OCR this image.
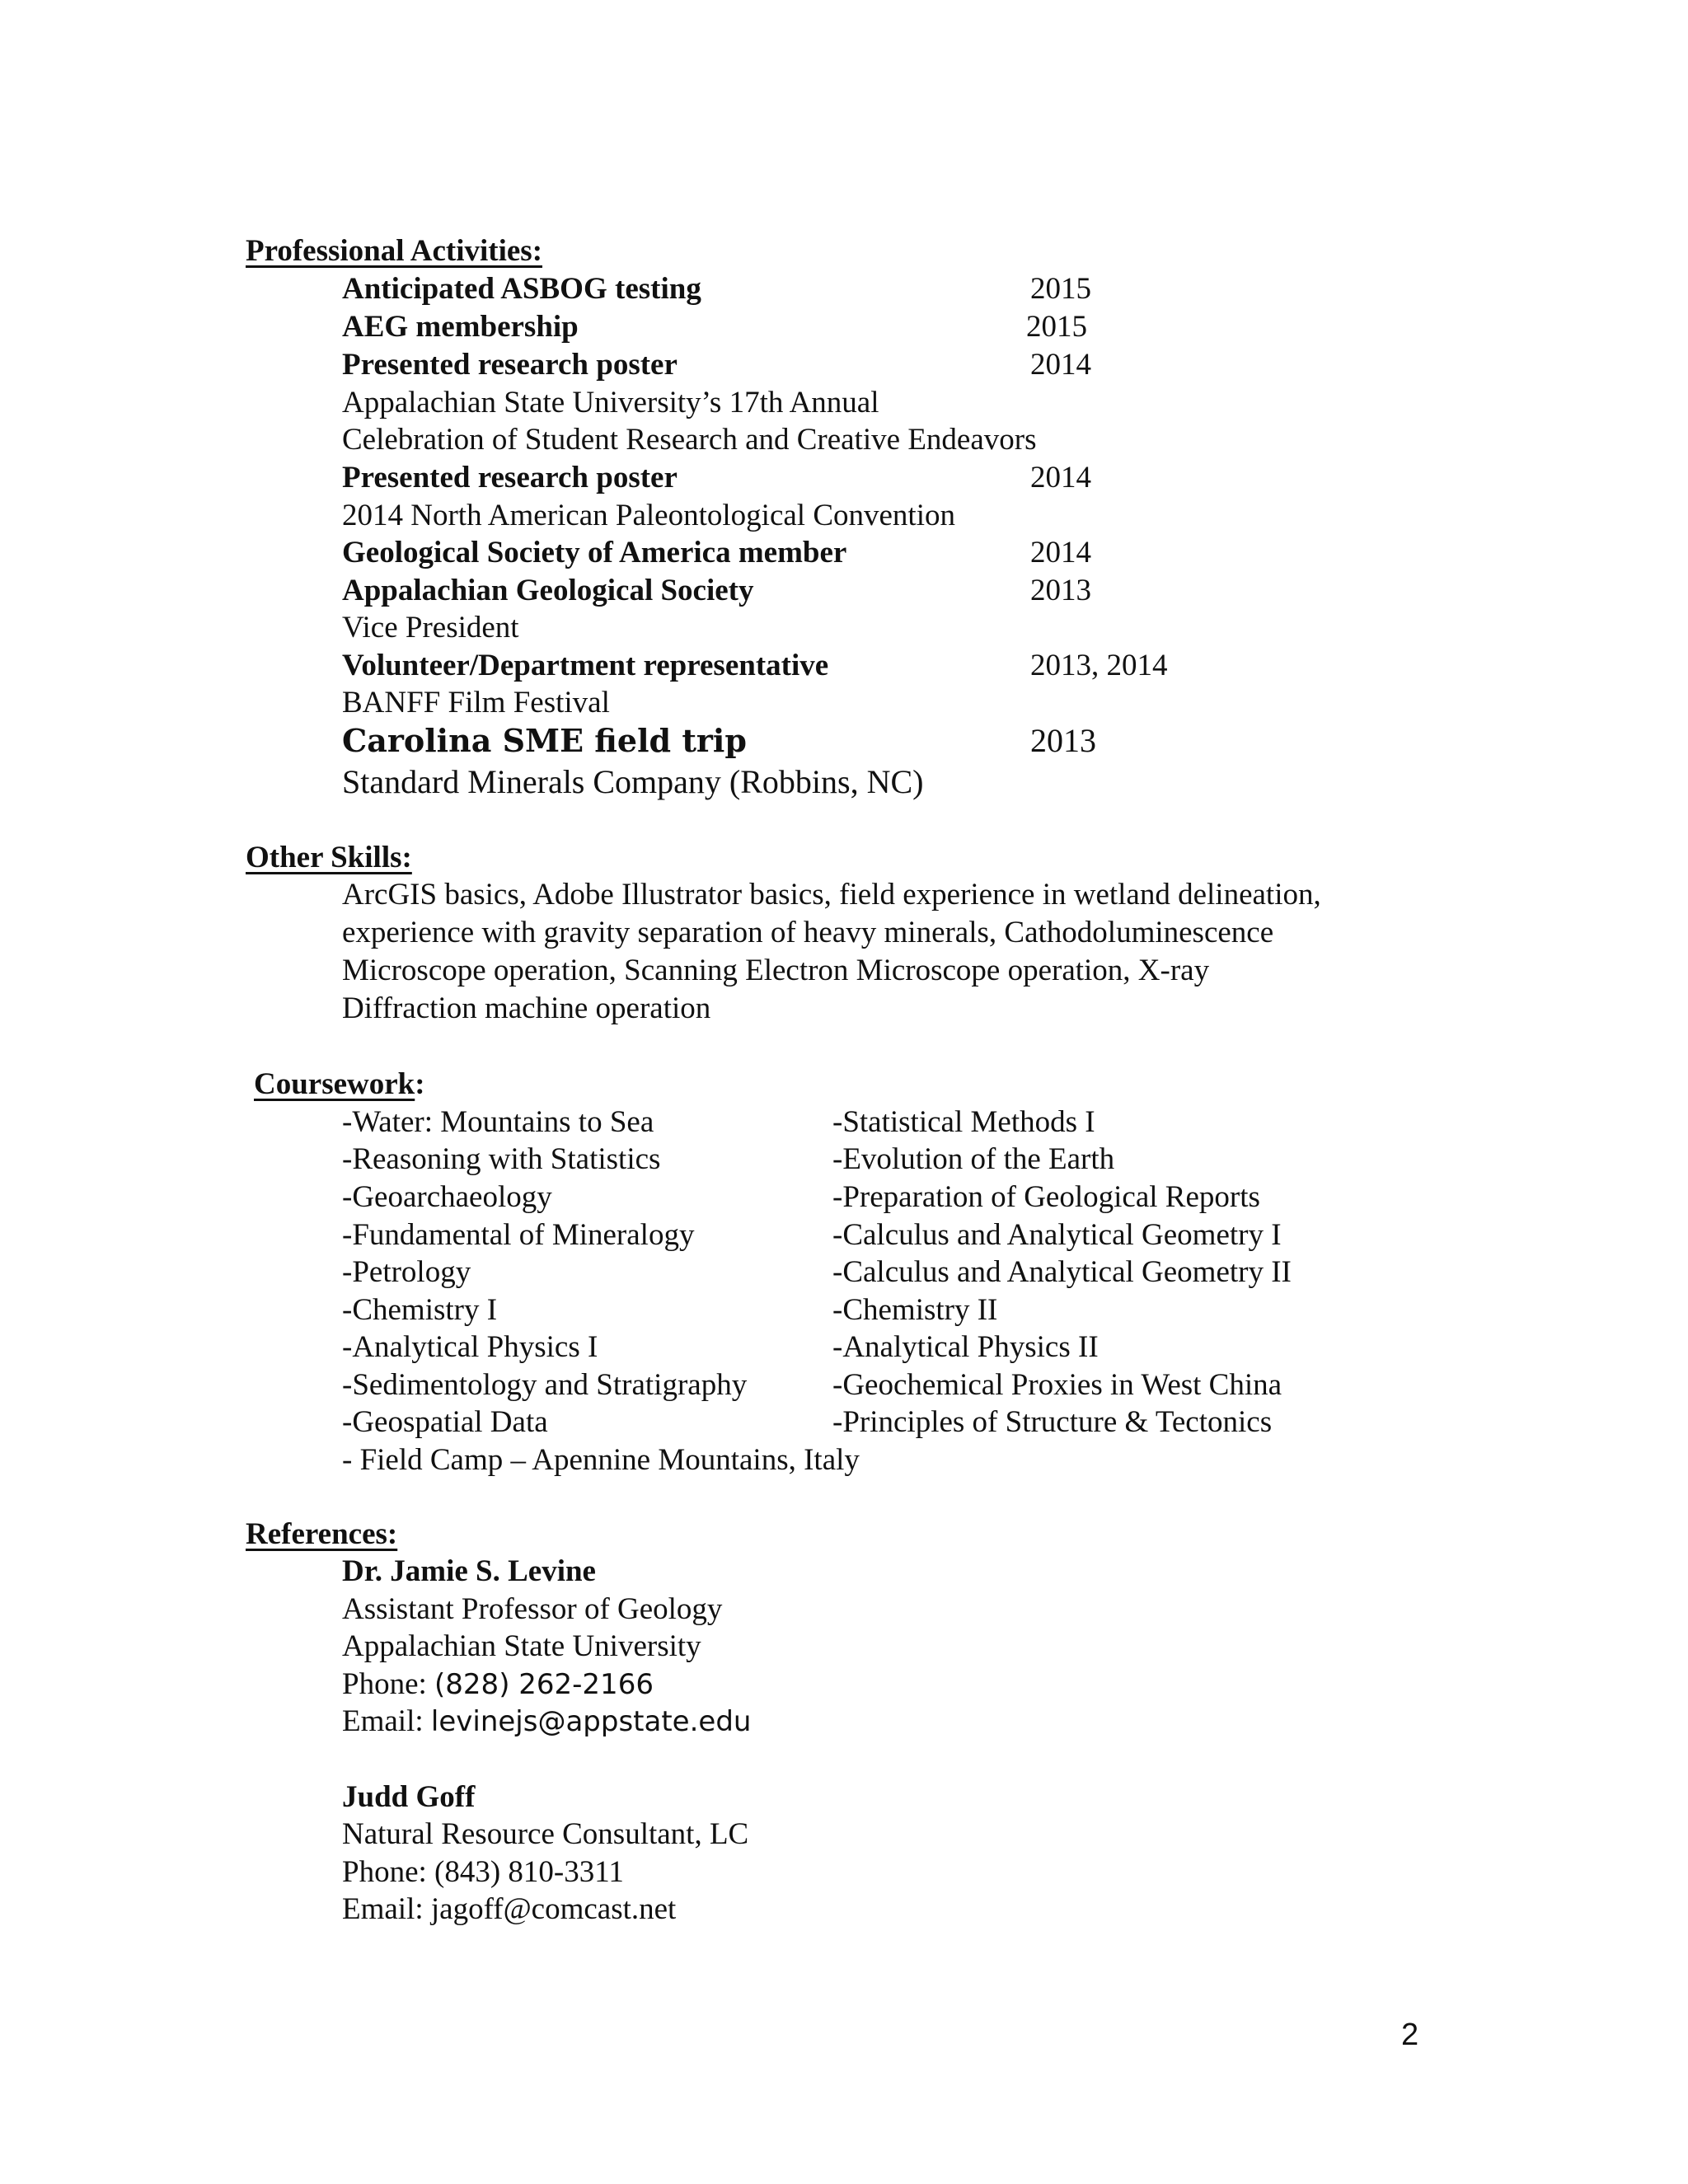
Professional Activities:
Anticipated ASBOG testing	2015
AEG membership	2015
Presented research poster	2014
Appalachian State University’s 17th Annual
Celebration of Student Research and Creative Endeavors
Presented research poster	2014
2014 North American Paleontological Convention
Geological Society of America member	2014
Appalachian Geological Society	2013
Vice President
Volunteer/Department representative	2013, 2014
BANFF Film Festival
Carolina SME field trip	2013
Standard Minerals Company (Robbins, NC)
Other Skills:
ArcGIS basics, Adobe Illustrator basics, field experience in wetland delineation,
experience with gravity separation of heavy minerals, Cathodoluminescence
Microscope operation, Scanning Electron Microscope operation, X-ray
Diffraction machine operation
Coursework:
-Water: Mountains to Sea	-Statistical Methods I
-Reasoning with Statistics	-Evolution of the Earth
-Geoarchaeology	-Preparation of Geological Reports
-Fundamental of Mineralogy	-Calculus and Analytical Geometry I
-Petrology	-Calculus and Analytical Geometry II
-Chemistry I	-Chemistry II
-Analytical Physics I	-Analytical Physics II
-Sedimentology and Stratigraphy	-Geochemical Proxies in West China
-Geospatial Data	-Principles of Structure & Tectonics
- Field Camp – Apennine Mountains, Italy
References:
Dr. Jamie S. Levine
Assistant Professor of Geology
Appalachian State University
Phone: (828) 262-2166
Email: levinejs@appstate.edu
Judd Goff
Natural Resource Consultant, LC
Phone: (843) 810-3311
Email: jagoff@comcast.net
2
